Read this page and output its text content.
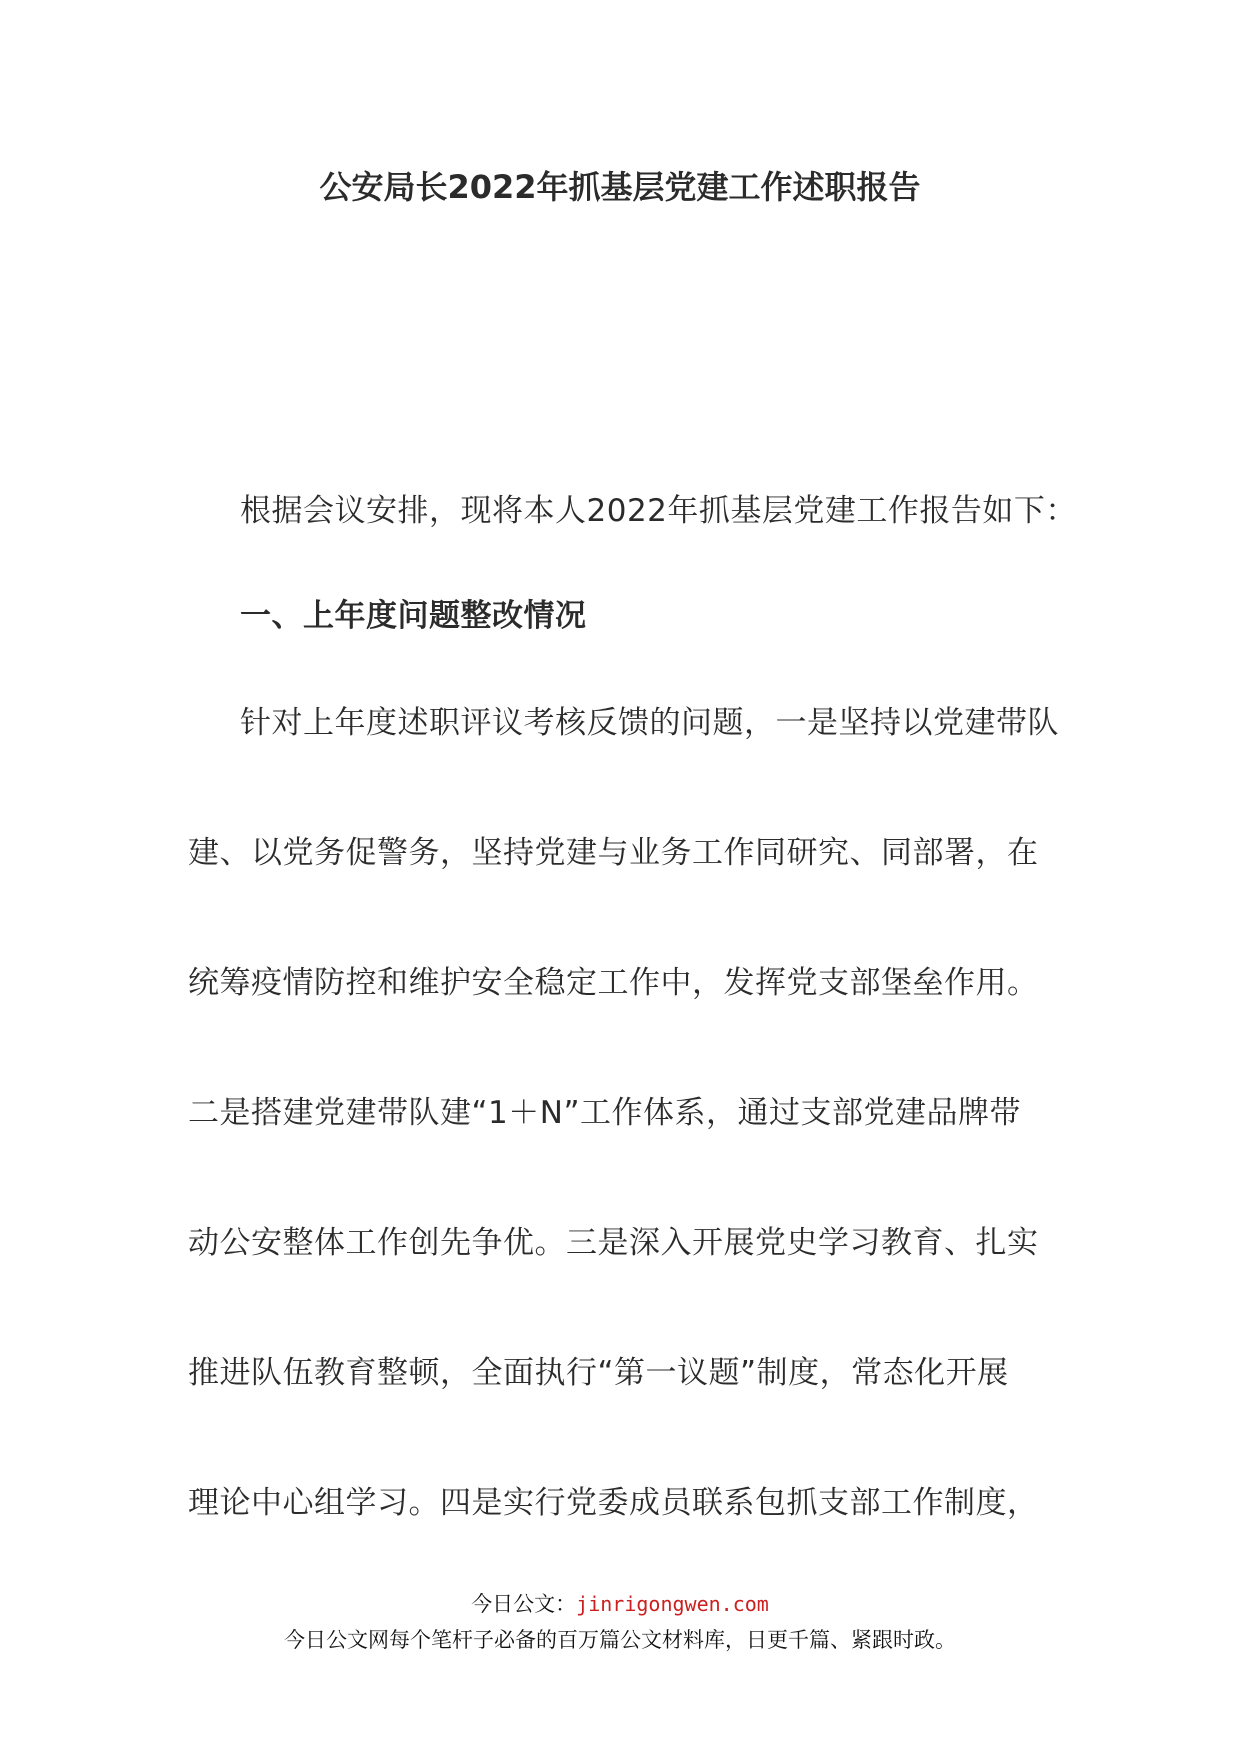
公安局长2022年抓基层党建工作述职报告
根据会议安排，现将本人2022年抓基层党建工作报告如下：
一、上年度问题整改情况
针对上年度述职评议考核反馈的问题，一是坚持以党建带队
建、以党务促警务，坚持党建与业务工作同研究、同部署，在
统筹疫情防控和维护安全稳定工作中，发挥党支部堡垒作用。
二是搭建党建带队建“1＋N”工作体系，通过支部党建品牌带
动公安整体工作创先争优。三是深入开展党史学习教育、扎实
推进队伍教育整顿，全面执行“第一议题”制度，常态化开展
理论中心组学习。四是实行党委成员联系包抓支部工作制度，
今日公文：jinrigongwen.com
今日公文网每个笔杆子必备的百万篇公文材料库，日更千篇、紧跟时政。
